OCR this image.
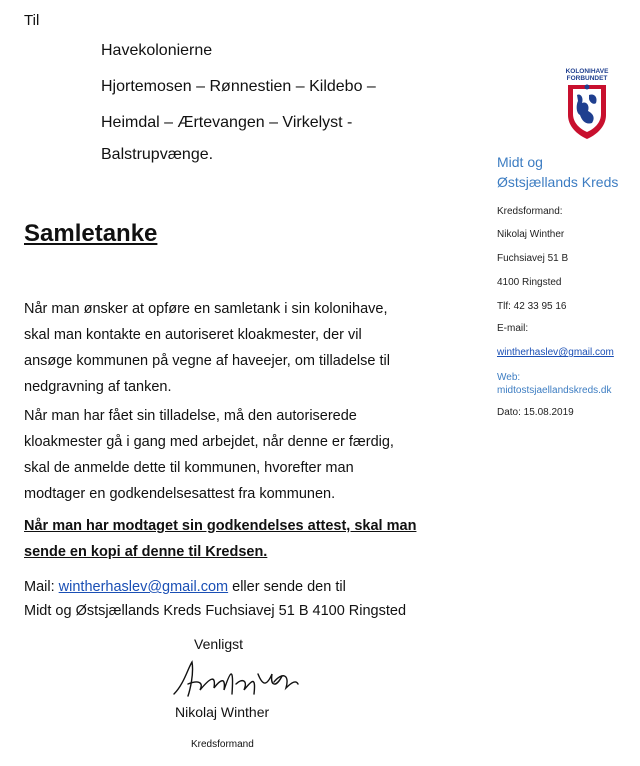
Til
Havekolonierne
Hjortemosen – Rønnestien – Kildebo –
Heimdal – Ærtevangen – Virkelyst -
Balstrupvænge.
Samletanke
Når man ønsker at opføre en samletank i sin kolonihave,
skal man kontakte en autoriseret kloakmester, der vil
ansøge kommunen på vegne af haveejer, om tilladelse til
nedgravning af tanken.
Når man har fået sin tilladelse, må den autoriserede
kloakmester gå i gang med arbejdet, når denne er færdig,
skal de anmelde dette til kommunen, hvorefter man
modtager en godkendelsesattest fra kommunen.
Når man har modtaget sin godkendelses attest, skal man
sende en kopi af denne til Kredsen.
Mail: wintherhaslev@gmail.com eller sende den til
Midt og Østsjællands Kreds Fuchsiavej 51 B 4100 Ringsted
Venligst
Nikolaj Winther
Kredsformand
KOLONIHAVE
FORBUNDET
Midt og
Østsjællands Kreds
Kredsformand:
Nikolaj Winther
Fuchsiavej 51 B
4100 Ringsted
Tlf: 42 33 95 16
E-mail:
wintherhaslev@gmail.com
Web:
midtostsjaellandskreds.dk
Dato: 15.08.2019
